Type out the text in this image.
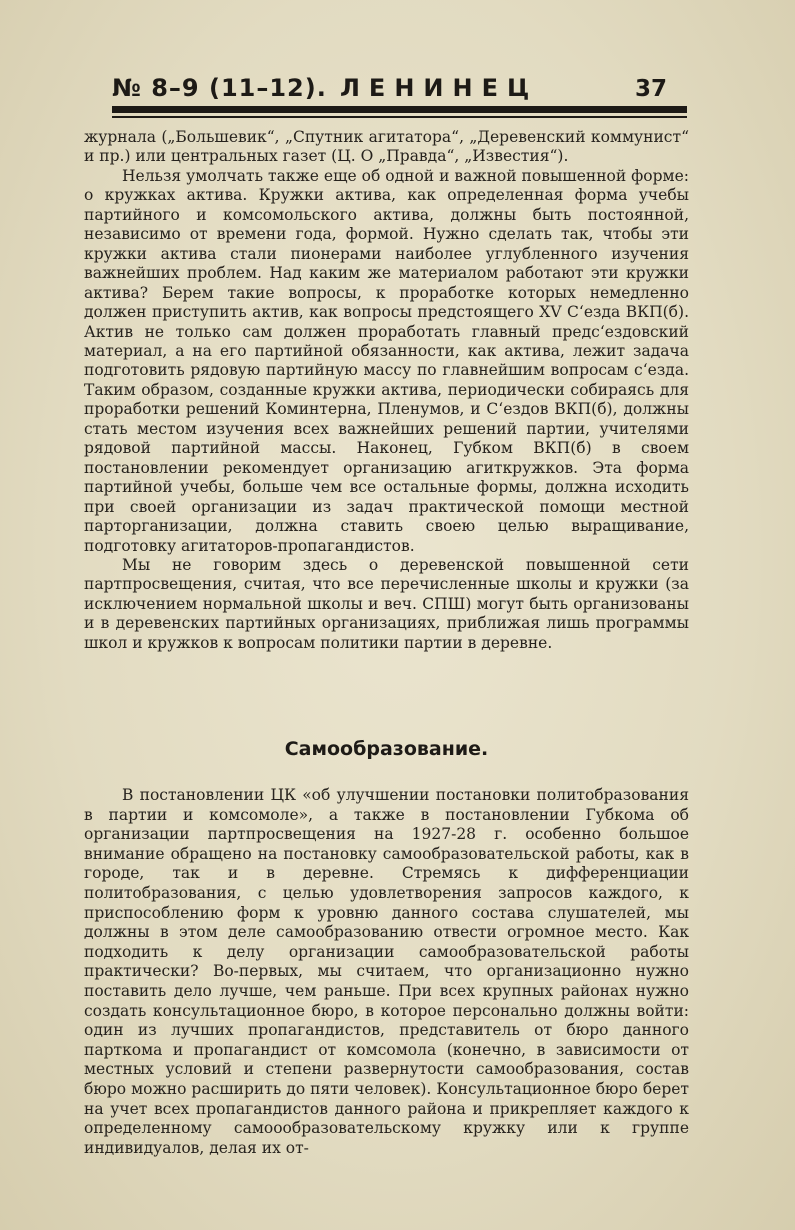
№ 8–9 (11–12). ЛЕНИНЕЦ	37

журнала („Большевик“, „Спутник агитатора“, „Деревенский коммунист“ и пр.) или центральных газет (Ц. О „Правда“, „Известия“).

Нельзя умолчать также еще об одной и важной повышенной форме: о кружках актива. Кружки актива, как определенная форма учебы партийного и комсомольского актива, должны быть постоянной, независимо от времени года, формой. Нужно сделать так, чтобы эти кружки актива стали пионерами наиболее углубленного изучения важнейших проблем. Над каким же материалом работают эти кружки актива? Берем такие вопросы, к проработке которых немедленно должен приступить актив, как вопросы предстоящего XV С‘езда ВКП(б). Актив не только сам должен проработать главный предс‘ездовский материал, а на его партийной обязанности, как актива, лежит задача подготовить рядовую партийную массу по главнейшим вопросам с‘езда. Таким образом, созданные кружки актива, периодически собираясь для проработки решений Коминтерна, Пленумов, и С‘ездов ВКП(б), должны стать местом изучения всех важнейших решений партии, учителями рядовой партийной массы. Наконец, Губком ВКП(б) в своем постановлении рекомендует организацию агиткружков. Эта форма партийной учебы, больше чем все остальные формы, должна исходить при своей организации из задач практической помощи местной парторганизации, должна ставить своею целью выращивание, подготовку агитаторов-пропагандистов.

Мы не говорим здесь о деревенской повышенной сети партпросвещения, считая, что все перечисленные школы и кружки (за исключением нормальной школы и веч. СПШ) могут быть организованы и в деревенских партийных организациях, приближая лишь программы школ и кружков к вопросам политики партии в деревне.

Самообразование.

В постановлении ЦК «об улучшении постановки политобразования в партии и комсомоле», а также в постановлении Губкома об организации партпросвещения на 1927-28 г. особенно большое внимание обращено на постановку самообразовательской работы, как в городе, так и в деревне. Стремясь к дифференциации политобразования, с целью удовлетворения запросов каждого, к приспособлению форм к уровню данного состава слушателей, мы должны в этом деле самообразованию отвести огромное место. Как подходить к делу организации самообразовательской работы практически? Во-первых, мы считаем, что организационно нужно поставить дело лучше, чем раньше. При всех крупных районах нужно создать консультационное бюро, в которое персонально должны войти: один из лучших пропагандистов, представитель от бюро данного парткома и пропагандист от комсомола (конечно, в зависимости от местных условий и степени развернутости самообразования, состав бюро можно расширить до пяти человек). Консультационное бюро берет на учет всех пропагандистов данного района и прикрепляет каждого к определенному самоообразовательскому кружку или к группе индивидуалов, делая их от-
